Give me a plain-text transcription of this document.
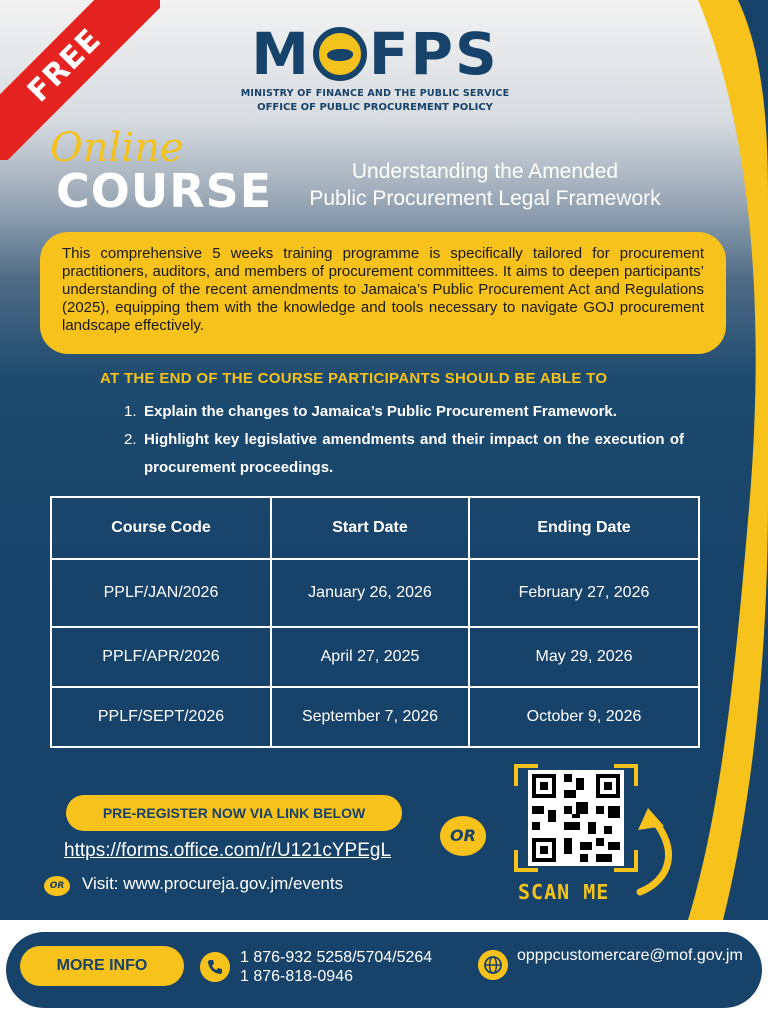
FREE	M FPS
MINISTRY OF FINANCE AND THE PUBLIC SERVICE
OFFICE OF PUBLIC PROCUREMENT POLICY
Online
COURSE	Understanding the Amended
Public Procurement Legal Framework
This comprehensive 5 weeks training programme is specifically tailored for procurement practitioners, auditors, and members of procurement committees. It aims to deepen participants’ understanding of the recent amendments to Jamaica’s Public Procurement Act and Regulations (2025), equipping them with the knowledge and tools necessary to navigate GOJ procurement landscape effectively.
AT THE END OF THE COURSE PARTICIPANTS SHOULD BE ABLE TO
1. Explain the changes to Jamaica’s Public Procurement Framework.
2. Highlight key legislative amendments and their impact on the execution of procurement proceedings.
Course Code	Start Date	Ending Date
PPLF/JAN/2026	January 26, 2026	February 27, 2026
PPLF/APR/2026	April 27, 2025	May 29, 2026
PPLF/SEPT/2026	September 7, 2026	October 9, 2026
PRE-REGISTER NOW VIA LINK BELOW
https://forms.office.com/r/U121cYPEgL
OR	Visit: www.procureja.gov.jm/events
OR
SCAN ME
MORE INFO	1 876-932 5258/5704/5264
1 876-818-0946
opppcustomercare@mof.gov.jm
